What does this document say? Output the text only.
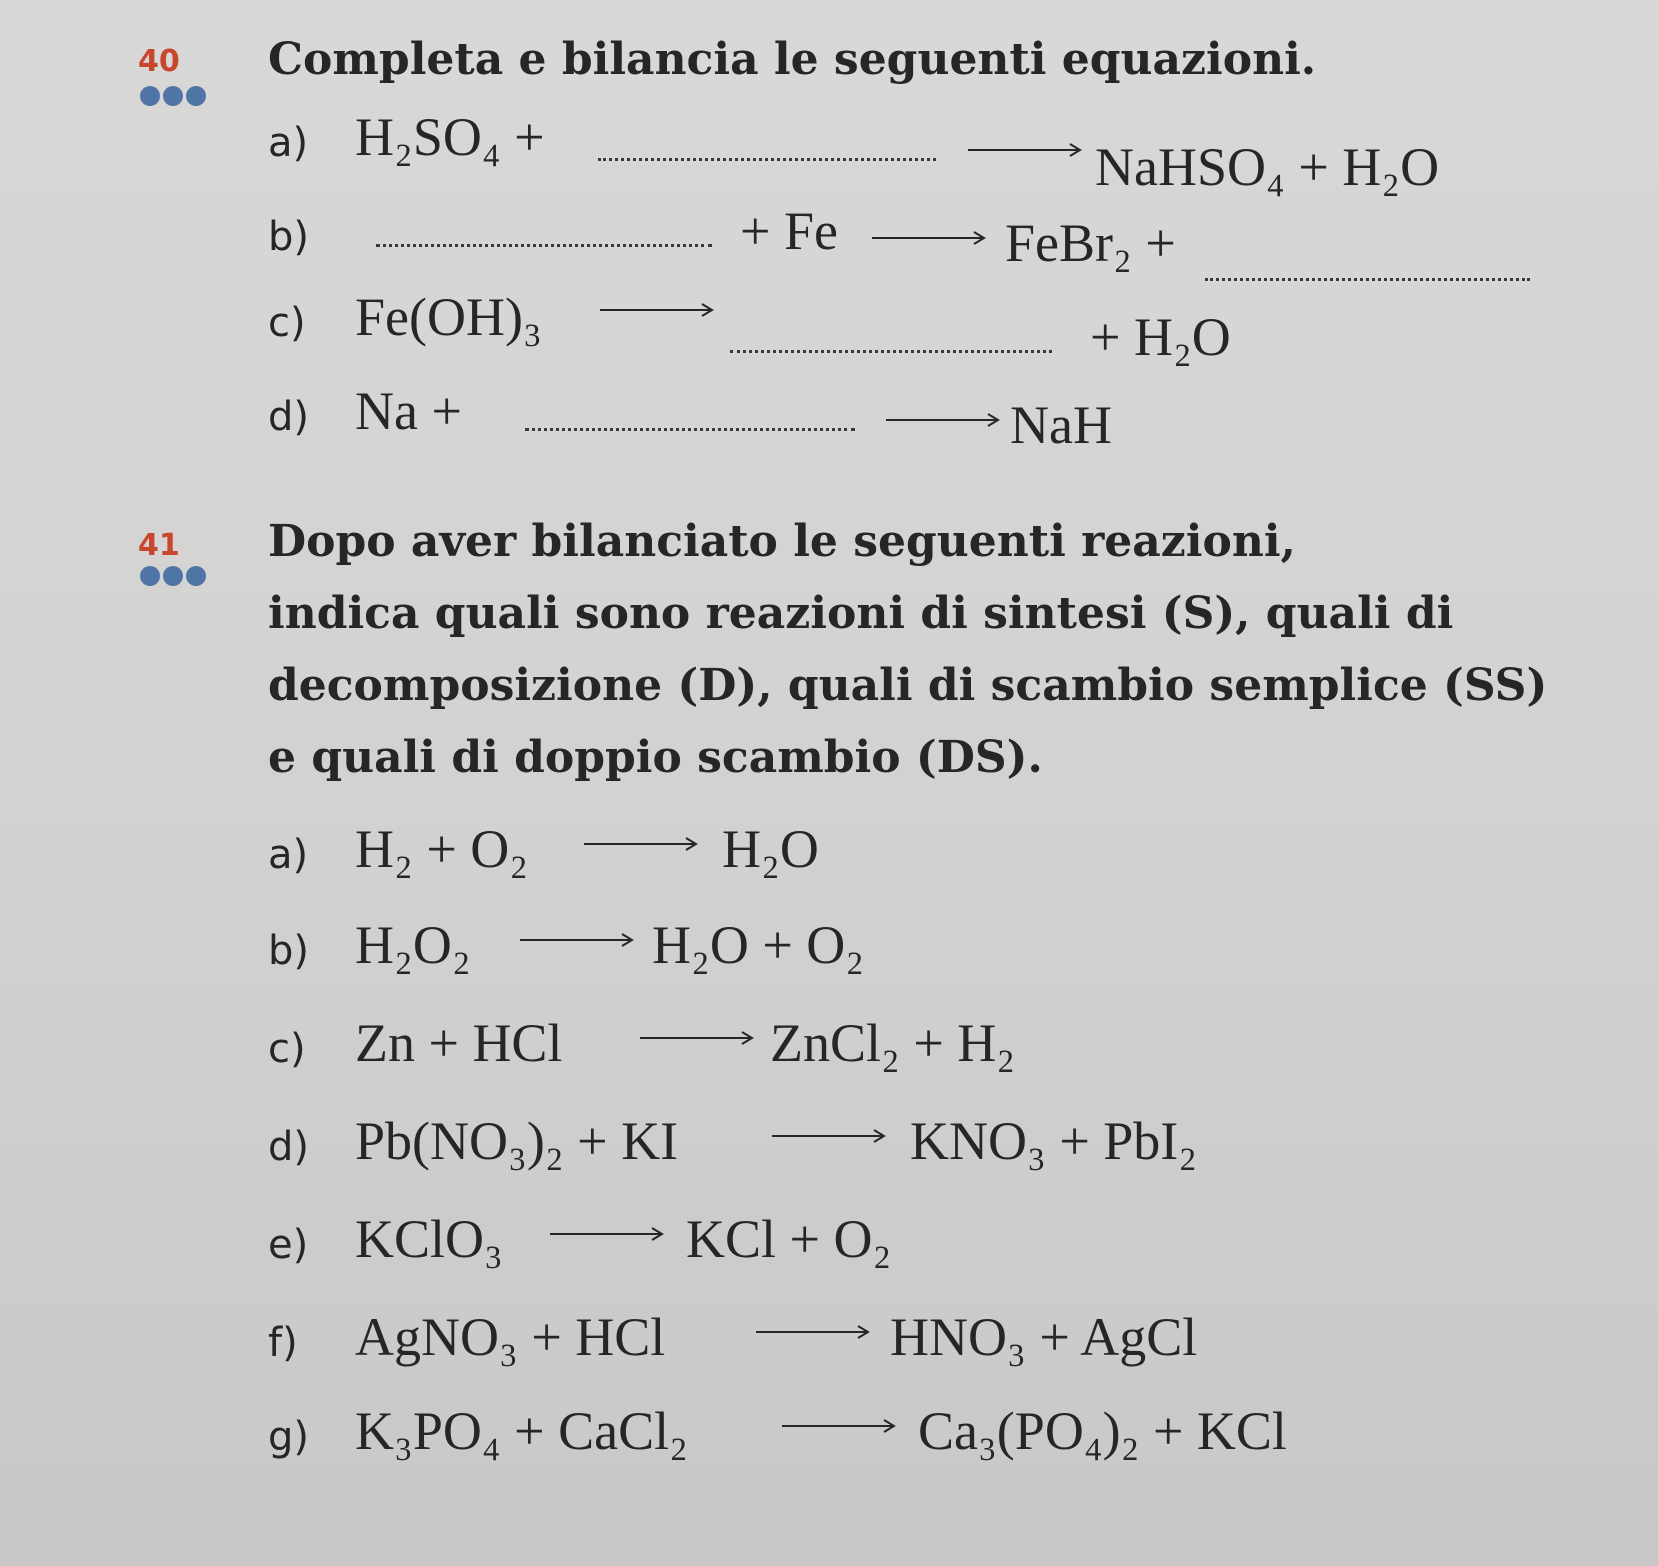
40 Completa e bilancia le seguenti equazioni.
a) H₂SO₄ +	NaHSO₄ + H₂O
b)	+ Fe	FeBr₂ +
c) Fe(OH)₃	+ H₂O
d) Na +	NaH
41 Dopo aver bilanciato le seguenti reazioni,
indica quali sono reazioni di sintesi (S), quali di
decomposizione (D), quali di scambio semplice (SS)
e quali di doppio scambio (DS).
a) H₂ + O₂	H₂O
b) H₂O₂	H₂O + O₂
c) Zn + HCl	ZnCl₂ + H₂
d) Pb(NO₃)₂ + KI	KNO₃ + PbI₂
e) KClO₃	KCl + O₂
f) AgNO₃ + HCl	HNO₃ + AgCl
g) K₃PO₄ + CaCl₂	Ca₃(PO₄)₂ + KCl
